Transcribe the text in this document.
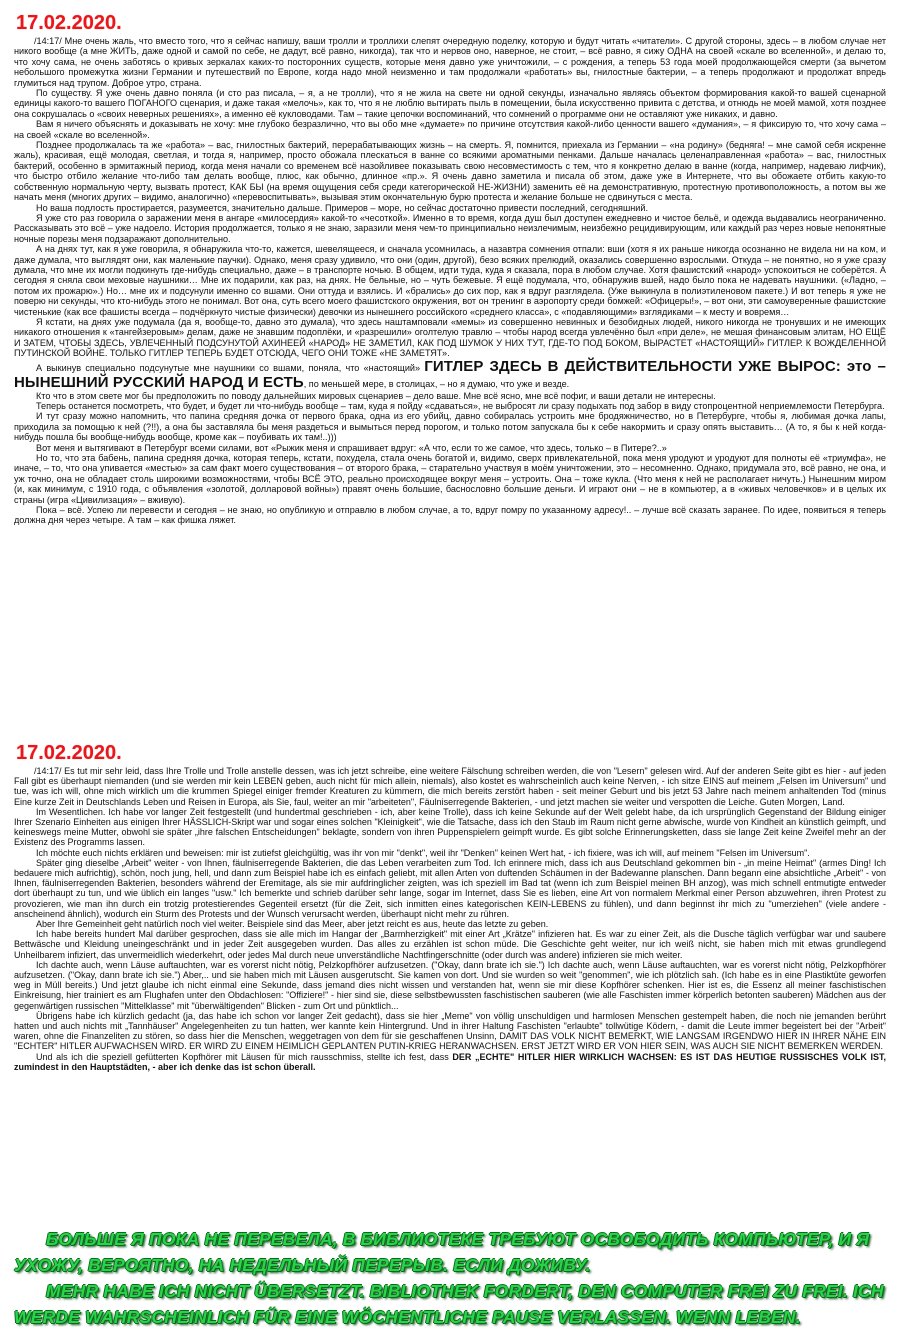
17.02.2020.

/14:17/ Мне очень жаль, что вместо того, что я сейчас напишу, ваши тролли и троллихи слепят очередную поделку, которую и будут читать «читатели». С другой стороны, здесь – в любом случае нет никого вообще (а мне ЖИТЬ, даже одной и самой по себе, не дадут, всё равно, никогда), так что и нервов оно, наверное, не стоит, – всё равно, я сижу ОДНА на своей «скале во вселенной», и делаю то, что хочу сама, не очень заботясь о кривых зеркалах каких-то посторонних существ, которые меня давно уже уничтожили, – с рождения, а теперь 53 года моей продолжающейся смерти (за вычетом небольшого промежутка жизни Германии и путешествий по Европе, когда надо мной неизменно и там продолжали «работать» вы, гнилостные бактерии, – а теперь продолжают и продолжат впредь глумиться над трупом. Доброе утро, страна.

По существу. Я уже очень давно поняла (и сто раз писала, – я, а не тролли), что я не жила на свете ни одной секунды, изначально являясь объектом формирования какой-то вашей сценарной единицы какого-то вашего ПОГАНОГО сценария, и даже такая «мелочь», как то, что я не люблю вытирать пыль в помещении, была искусственно привита с детства, и отнюдь не моей мамой, хотя позднее она сокрушалась о «своих неверных решениях», а именно её кукловодами. Там – такие цепочки воспоминаний, что сомнений о программе они не оставляют уже никаких, и давно.

Вам я ничего объяснять и доказывать не хочу: мне глубоко безразлично, что вы обо мне «думаете» по причине отсутствия какой-либо ценности вашего «думания», – я фиксирую то, что хочу сама – на своей «скале во вселенной».

Позднее продолжалась та же «работа» – вас, гнилостных бактерий, перерабатывающих жизнь – на смерть. Я, помнится, приехала из Германии – «на родину» (бедняга! – мне самой себя искренне жаль), красивая, ещё молодая, светлая, и тогда я, например, просто обожала плескаться в ванне со всякими ароматными пенками. Дальше началась целенаправленная «работа» – вас, гнилостных бактерий, особенно в эрмитажный период, когда меня начали со временем всё назойливее показывать свою несовместимость с тем, что я конкретно делаю в ванне (когда, например, надеваю лифчик), что быстро отбило желание что-либо там делать вообще, плюс, как обычно, длинное «пр.». Я очень давно заметила и писала об этом, даже уже в Интернете, что вы обожаете отбить какую-то собственную нормальную черту, вызвать протест, КАК БЫ (на время ощущения себя среди категорической НЕ-ЖИЗНИ) заменить её на демонстративную, протестную противоположность, а потом вы же начать меня (многих других – видимо, аналогично) «перевоспитывать», вызывая этим окончательную бурю протеста и желание больше не сдвинуться с места.

Но ваша подлость простирается, разумеется, значительно дальше. Примеров – море, но сейчас достаточно привести последний, сегодняшний.

Я уже сто раз говорила о заражении меня в ангаре «милосердия» какой-то «чесоткой». Именно в то время, когда душ был доступен ежедневно и чистое бельё, и одежда выдавались неограниченно. Рассказывать это всё – уже надоело. История продолжается, только я не знаю, заразили меня чем-то принципиально неизлечимым, неизбежно рецидивирующим, или каждый раз через новые непонятные ночные порезы меня подзаражают дополнительно.

А на днях тут, как я уже говорила, я обнаружила что-то, кажется, шевелящееся, и сначала усомнилась, а назавтра сомнения отпали: вши (хотя я их раньше никогда осознанно не видела ни на ком, и даже думала, что выглядят они, как маленькие паучки). Однако, меня сразу удивило, что они (один, другой), безо всяких прелюдий, оказались совершенно взрослыми. Откуда – не понятно, но я уже сразу думала, что мне их могли подкинуть где-нибудь специально, даже – в транспорте ночью. В общем, идти туда, куда я сказала, пора в любом случае. Хотя фашистский «народ» успокоиться не соберётся. А сегодня я сняла свои меховые наушники… Мне их подарили, как раз, на днях. Не бельные, но – чуть бежевые. Я ещё подумала, что, обнаружив вшей, надо было пока не надевать наушники. («Ладно, – потом их прожарю».) Но… мне их и подсунули именно со вшами. Они оттуда и взялись. И «брались» до сих пор, как я вдруг разглядела. (Уже выкинула в полиэтиленовом пакете.) И вот теперь я уже не поверю ни секунды, что кто-нибудь этого не понимал. Вот она, суть всего моего фашистского окружения, вот он тренинг в аэропорту среди бомжей: «Офицеры!», – вот они, эти самоуверенные фашистские чистенькие (как все фашисты всегда – подчёркнуто чистые физически) девочки из нынешнего российского «среднего класса», с «подавляющими» взглядиками – к месту и вовремя…

Я кстати, на днях уже подумала (да я, вообще-то, давно это думала), что здесь наштамповали «мемы» из совершенно невинных и безобидных людей, никого никогда не тронувших и не имеющих никакого отношения к «тангейзеровым» делам, даже не знавшим подоплёки, и «разрешили» оголтелую травлю – чтобы народ всегда увлечённо был «при деле», не мешая финансовым элитам, НО ЕЩЁ И ЗАТЕМ, ЧТОБЫ ЗДЕСЬ, УВЛЕЧЕННЫЙ ПОДСУНУТОЙ АХИНЕЕЙ «НАРОД» НЕ ЗАМЕТИЛ, КАК ПОД ШУМОК У НИХ ТУТ, ГДЕ-ТО ПОД БОКОМ, ВЫРАСТЕТ «НАСТОЯЩИЙ» ГИТЛЕР. К ВОЖДЕЛЕННОЙ ПУТИНСКОЙ ВОЙНЕ. ТОЛЬКО ГИТЛЕР ТЕПЕРЬ БУДЕТ ОТСЮДА, ЧЕГО ОНИ ТОЖЕ «НЕ ЗАМЕТЯТ».

А выкинув специально подсунутые мне наушники со вшами, поняла, что «настоящий» ГИТЛЕР ЗДЕСЬ В ДЕЙСТВИТЕЛЬНОСТИ УЖЕ ВЫРОС: это – НЫНЕШНИЙ РУССКИЙ НАРОД И ЕСТЬ, по меньшей мере, в столицах, – но я думаю, что уже и везде.

Кто что в этом свете мог бы предположить по поводу дальнейших мировых сценариев – дело ваше. Мне всё ясно, мне всё пофиг, и ваши детали не интересны.

Теперь останется посмотреть, что будет, и будет ли что-нибудь вообще – там, куда я пойду «сдаваться», не выбросят ли сразу подыхать под забор в виду стопроцентной неприемлемости Петербурга.

И тут сразу можно напомнить, что папина средняя дочка от первого брака, одна из его убийц, давно собиралась устроить мне бродяжничество, но в Петербурге, чтобы я, любимая дочка лапы, приходила за помощью к ней (?!!), а она бы заставляла бы меня раздеться и вымыться перед порогом, и только потом запускала бы к себе накормить и сразу опять выставить… (А то, я бы к ней когда-нибудь пошла бы вообще-нибудь вообще, кроме как – поубивать их там!..)))

Вот меня и вытягивают в Петербург всеми силами, вот «Рыжик меня и спрашивает вдруг: «А что, если то же самое, что здесь, только – в Питере?..»

Но то, что эта бабень, папина средняя дочка, которая теперь, кстати, похудела, стала очень богатой и, видимо, сверх привлекательной, пока меня уродуют и уродуют для полноты её «триумфа», не иначе, – то, что она упивается «местью» за сам факт моего существования – от второго брака, – старательно участвуя в моём уничтожении, это – несомненно. Однако, придумала это, всё равно, не она, и уж точно, она не обладает столь широкими возможностями, чтобы ВСЁ ЭТО, реально происходящее вокруг меня – устроить. Она – тоже кукла. (Что меня к ней не располагает ничуть.) Нынешним миром (и, как минимум, с 1910 года, с объявления «золотой, долларовой войны») правят очень большие, баснословно большие деньги. И играют они – не в компьютер, а в «живых человечков» и в целых их страны (игра «Цивилизация» – вживую).

Пока – всё. Успею ли перевести и сегодня – не знаю, но опубликую и отправлю в любом случае, а то, вдруг помру по указанному адресу!.. – лучше всё сказать заранее. По идее, появиться я теперь должна дня через четыре. А там – как фишка ляжет.

17.02.2020.

/14:17/ Es tut mir sehr leid, dass Ihre Trolle und Trolle anstelle dessen, was ich jetzt schreibe, eine weitere Fälschung schreiben werden, die von "Lesern" gelesen wird. Auf der anderen Seite gibt es hier - auf jeden Fall gibt es überhaupt niemanden (und sie werden mir kein LEBEN geben, auch nicht für mich allein, niemals), also kostet es wahrscheinlich auch keine Nerven, - ich sitze EINS auf meinem „Felsen im Universum" und tue, was ich will, ohne mich wirklich um die krummen Spiegel einiger fremder Kreaturen zu kümmern, die mich bereits zerstört haben - seit meiner Geburt und bis jetzt 53 Jahre nach meinem anhaltenden Tod (minus Eine kurze Zeit in Deutschlands Leben und Reisen in Europa, als Sie, faul, weiter an mir "arbeiteten", Fäulniserregende Bakterien, - und jetzt machen sie weiter und verspotten die Leiche. Guten Morgen, Land.

Im Wesentlichen. Ich habe vor langer Zeit festgestellt (und hundertmal geschrieben - ich, aber keine Trolle), dass ich keine Sekunde auf der Welt gelebt habe, da ich ursprünglich Gegenstand der Bildung einiger Ihrer Szenario Einheiten aus einigen Ihrer HÄSSLICH-Skript war und sogar eines solchen "Kleinigkeit", wie die Tatsache, dass ich den Staub im Raum nicht gerne abwische, wurde von Kindheit an künstlich geimpft, und keineswegs meine Mutter, obwohl sie später „ihre falschen Entscheidungen" beklagte, sondern von ihren Puppenspielern geimpft wurde. Es gibt solche Erinnerungsketten, dass sie lange Zeit keine Zweifel mehr an der Existenz des Programms lassen.

Ich möchte euch nichts erklären und beweisen: mir ist zutiefst gleichgültig, was ihr von mir "denkt", weil ihr "Denken" keinen Wert hat, - ich fixiere, was ich will, auf meinem "Felsen im Universum".

Später ging dieselbe „Arbeit" weiter - von Ihnen, fäulniserregende Bakterien, die das Leben verarbeiten zum Tod. Ich erinnere mich, dass ich aus Deutschland gekommen bin - „in meine Heimat" (armes Ding! Ich bedauere mich aufrichtig), schön, noch jung, hell, und dann zum Beispiel habe ich es einfach geliebt, mit allen Arten von duftenden Schäumen in der Badewanne planschen. Dann begann eine absichtliche „Arbeit" - von Ihnen, fäulniserregenden Bakterien, besonders während der Eremitage, als sie mir aufdringlicher zeigten, was ich speziell im Bad tat (wenn ich zum Beispiel meinen BH anzog), was mich schnell entmutigte entweder dort überhaupt zu tun, und wie üblich ein langes "usw." Ich bemerkte und schrieb darüber sehr lange, sogar im Internet, dass Sie es lieben, eine Art von normalem Merkmal einer Person abzuwehren, ihren Protest zu provozieren, wie man ihn durch ein trotzig protestierendes Gegenteil ersetzt (für die Zeit, sich inmitten eines kategorischen KEIN-LEBENS zu fühlen), und dann beginnst ihr mich zu "umerziehen" (viele andere - anscheinend ähnlich), wodurch ein Sturm des Protests und der Wunsch verursacht werden, überhaupt nicht mehr zu rühren.

Aber Ihre Gemeinheit geht natürlich noch viel weiter. Beispiele sind das Meer, aber jetzt reicht es aus, heute das letzte zu geben.

Ich habe bereits hundert Mal darüber gesprochen, dass sie alle mich im Hangar der „Barmherzigkeit" mit einer Art „Krätze" infizieren hat. Es war zu einer Zeit, als die Dusche täglich verfügbar war und saubere Bettwäsche und Kleidung uneingeschränkt und in jeder Zeit ausgegeben wurden. Das alles zu erzählen ist schon müde. Die Geschichte geht weiter, nur ich weiß nicht, sie haben mich mit etwas grundlegend Unheilbarem infiziert, das unvermeidlich wiederkehrt, oder jedes Mal durch neue unverständliche Nachtfingerschnitte (oder durch was andere) infizieren sie mich weiter.

Ich dachte auch, wenn Läuse auftauchten, war es vorerst nicht nötig, Pelzkopfhörer aufzusetzen. ("Okay, dann brate ich sie.") Ich dachte auch, wenn Läuse auftauchten, war es vorerst nicht nötig, Pelzkopfhörer aufzusetzen. ("Okay, dann brate ich sie.") Aber,.. und sie haben mich mit Läusen ausgerutscht. Sie kamen von dort. Und sie wurden so weit "genommen", wie ich plötzlich sah. (Ich habe es in eine Plastiktüte geworfen weg in Müll bereits.) Und jetzt glaube ich nicht einmal eine Sekunde, dass jemand dies nicht wissen und verstanden hat, wenn sie mir diese Kopfhörer schenken. Hier ist es, die Essenz all meiner faschistischen Einkreisung, hier trainiert es am Flughafen unter den Obdachlosen: "Offiziere!" - hier sind sie, diese selbstbewussten faschistischen sauberen (wie alle Faschisten immer körperlich betonten sauberen) Mädchen aus der gegenwärtigen russischen "Mittelklasse" mit "überwältigenden" Blicken - zum Ort und pünktlich...

Übrigens habe ich kürzlich gedacht (ja, das habe ich schon vor langer Zeit gedacht), dass sie hier „Meme" von völlig unschuldigen und harmlosen Menschen gestempelt haben, die noch nie jemanden berührt hatten und auch nichts mit „Tannhäuser" Angelegenheiten zu tun hatten, wer kannte kein Hintergrund. Und in ihrer Haltung Faschisten "erlaubte" tollwütige Ködern, - damit die Leute immer begeistert bei der "Arbeit" waren, ohne die Finanzeliten zu stören, so dass hier die Menschen, weggetragen von dem für sie geschaffenen Unsinn, DAMIT DAS VOLK NICHT BEMERKT, WIE LANGSAM IRGENDWO HIER IN IHRER NÄHE EIN "ECHTER" HITLER AUFWACHSEN WIRD. ER WIRD ZU EINEM HEIMLICH GEPLANTEN PUTIN-KRIEG HERANWACHSEN. ERST JETZT WIRD ER VON HIER SEIN, WAS AUCH SIE NICHT BEMERKEN WERDEN.

Und als ich die speziell gefütterten Kopfhörer mit Läusen für mich rausschmiss, stellte ich fest, dass DER „ECHTE" HITLER HIER WIRKLICH WACHSEN: ES IST DAS HEUTIGE RUSSISCHES VOLK IST, zumindest in den Hauptstädten, - aber ich denke das ist schon überall.

БОЛЬШЕ Я ПОКА НЕ ПЕРЕВЕЛА, В БИБЛИОТЕКЕ ТРЕБУЮТ ОСВОБОДИТЬ КОМПЬЮТЕР, И Я УХОЖУ, ВЕРОЯТНО, НА НЕДЕЛЬНЫЙ ПЕРЕРЫВ. ЕСЛИ ДОЖИВУ.

MEHR HABE ICH NICHT ÜBERSETZT. BIBLIOTHEK FORDERT, DEN COMPUTER FREI ZU FREI. ICH WERDE WAHRSCHEINLICH FÜR EINE WÖCHENTLICHE PAUSE VERLASSEN. WENN LEBEN.
